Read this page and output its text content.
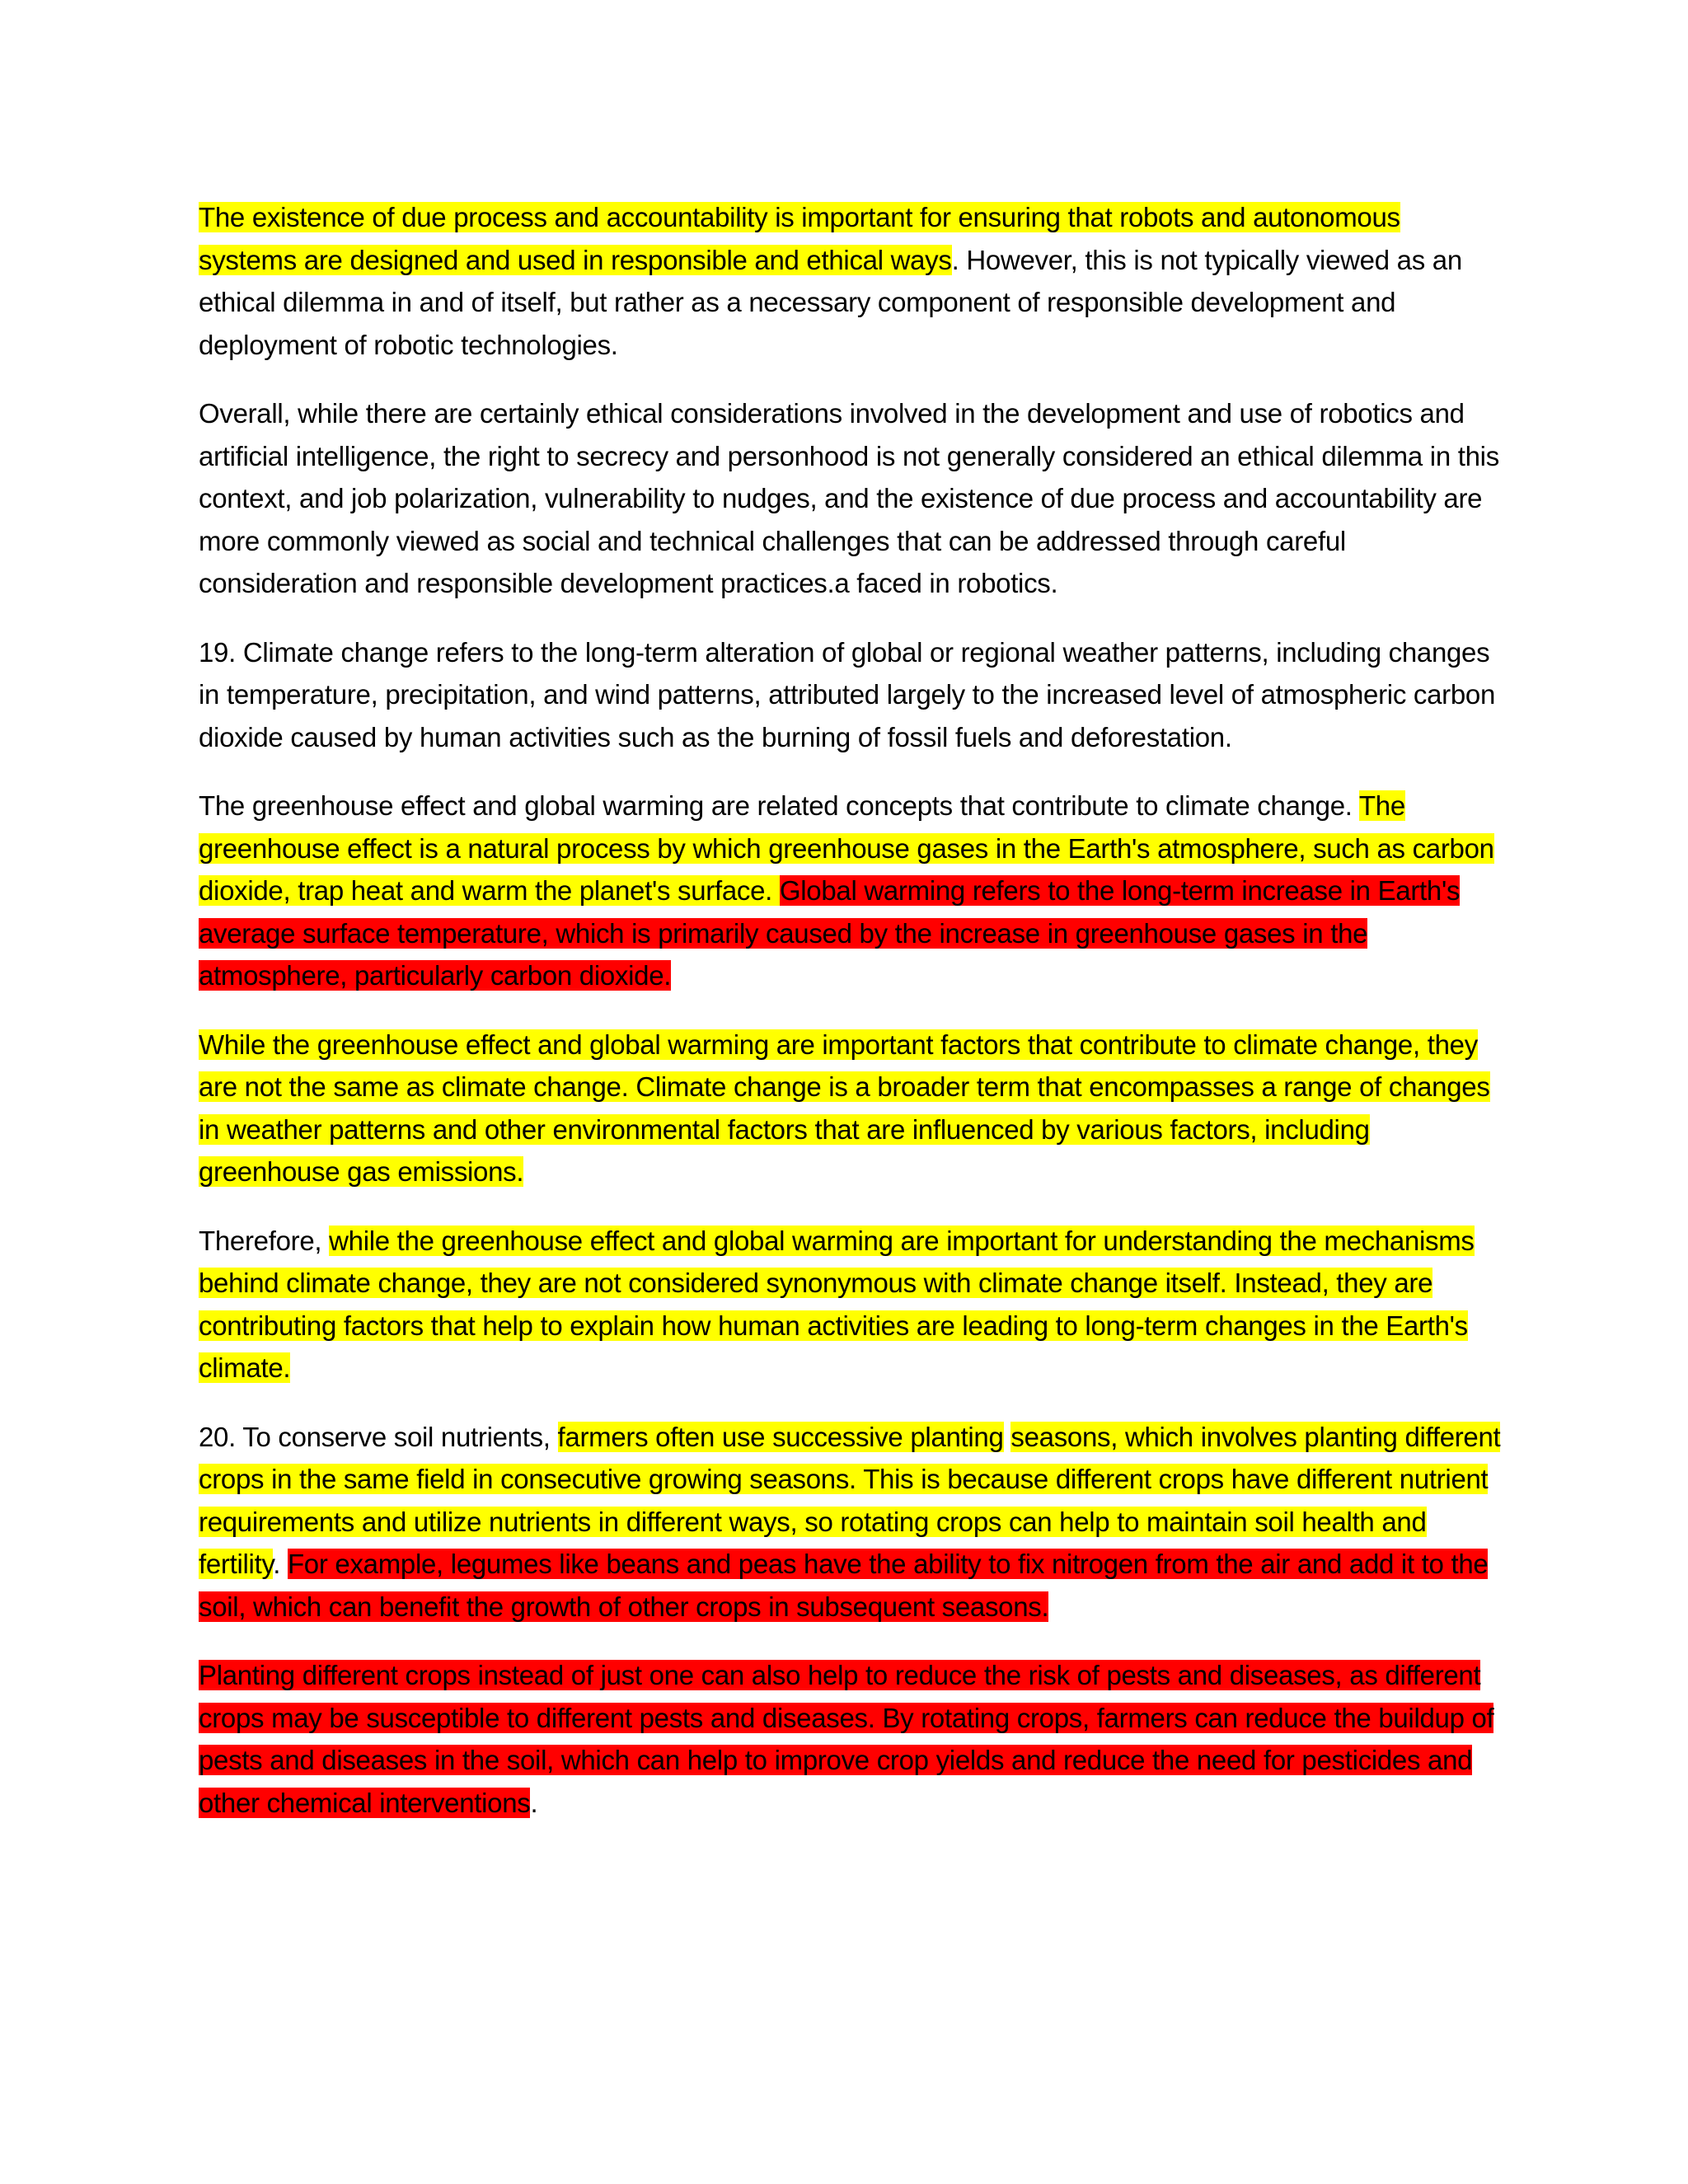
The existence of due process and accountability is important for ensuring that robots and autonomous systems are designed and used in responsible and ethical ways. However, this is not typically viewed as an ethical dilemma in and of itself, but rather as a necessary component of responsible development and deployment of robotic technologies.

Overall, while there are certainly ethical considerations involved in the development and use of robotics and artificial intelligence, the right to secrecy and personhood is not generally considered an ethical dilemma in this context, and job polarization, vulnerability to nudges, and the existence of due process and accountability are more commonly viewed as social and technical challenges that can be addressed through careful consideration and responsible development practices.a faced in robotics.

19. Climate change refers to the long-term alteration of global or regional weather patterns, including changes in temperature, precipitation, and wind patterns, attributed largely to the increased level of atmospheric carbon dioxide caused by human activities such as the burning of fossil fuels and deforestation.

The greenhouse effect and global warming are related concepts that contribute to climate change. The greenhouse effect is a natural process by which greenhouse gases in the Earth's atmosphere, such as carbon dioxide, trap heat and warm the planet's surface. Global warming refers to the long-term increase in Earth's average surface temperature, which is primarily caused by the increase in greenhouse gases in the atmosphere, particularly carbon dioxide.

While the greenhouse effect and global warming are important factors that contribute to climate change, they are not the same as climate change. Climate change is a broader term that encompasses a range of changes in weather patterns and other environmental factors that are influenced by various factors, including greenhouse gas emissions.

Therefore, while the greenhouse effect and global warming are important for understanding the mechanisms behind climate change, they are not considered synonymous with climate change itself. Instead, they are contributing factors that help to explain how human activities are leading to long-term changes in the Earth's climate.

20. To conserve soil nutrients, farmers often use successive planting seasons, which involves planting different crops in the same field in consecutive growing seasons. This is because different crops have different nutrient requirements and utilize nutrients in different ways, so rotating crops can help to maintain soil health and fertility. For example, legumes like beans and peas have the ability to fix nitrogen from the air and add it to the soil, which can benefit the growth of other crops in subsequent seasons.

Planting different crops instead of just one can also help to reduce the risk of pests and diseases, as different crops may be susceptible to different pests and diseases. By rotating crops, farmers can reduce the buildup of pests and diseases in the soil, which can help to improve crop yields and reduce the need for pesticides and other chemical interventions.
